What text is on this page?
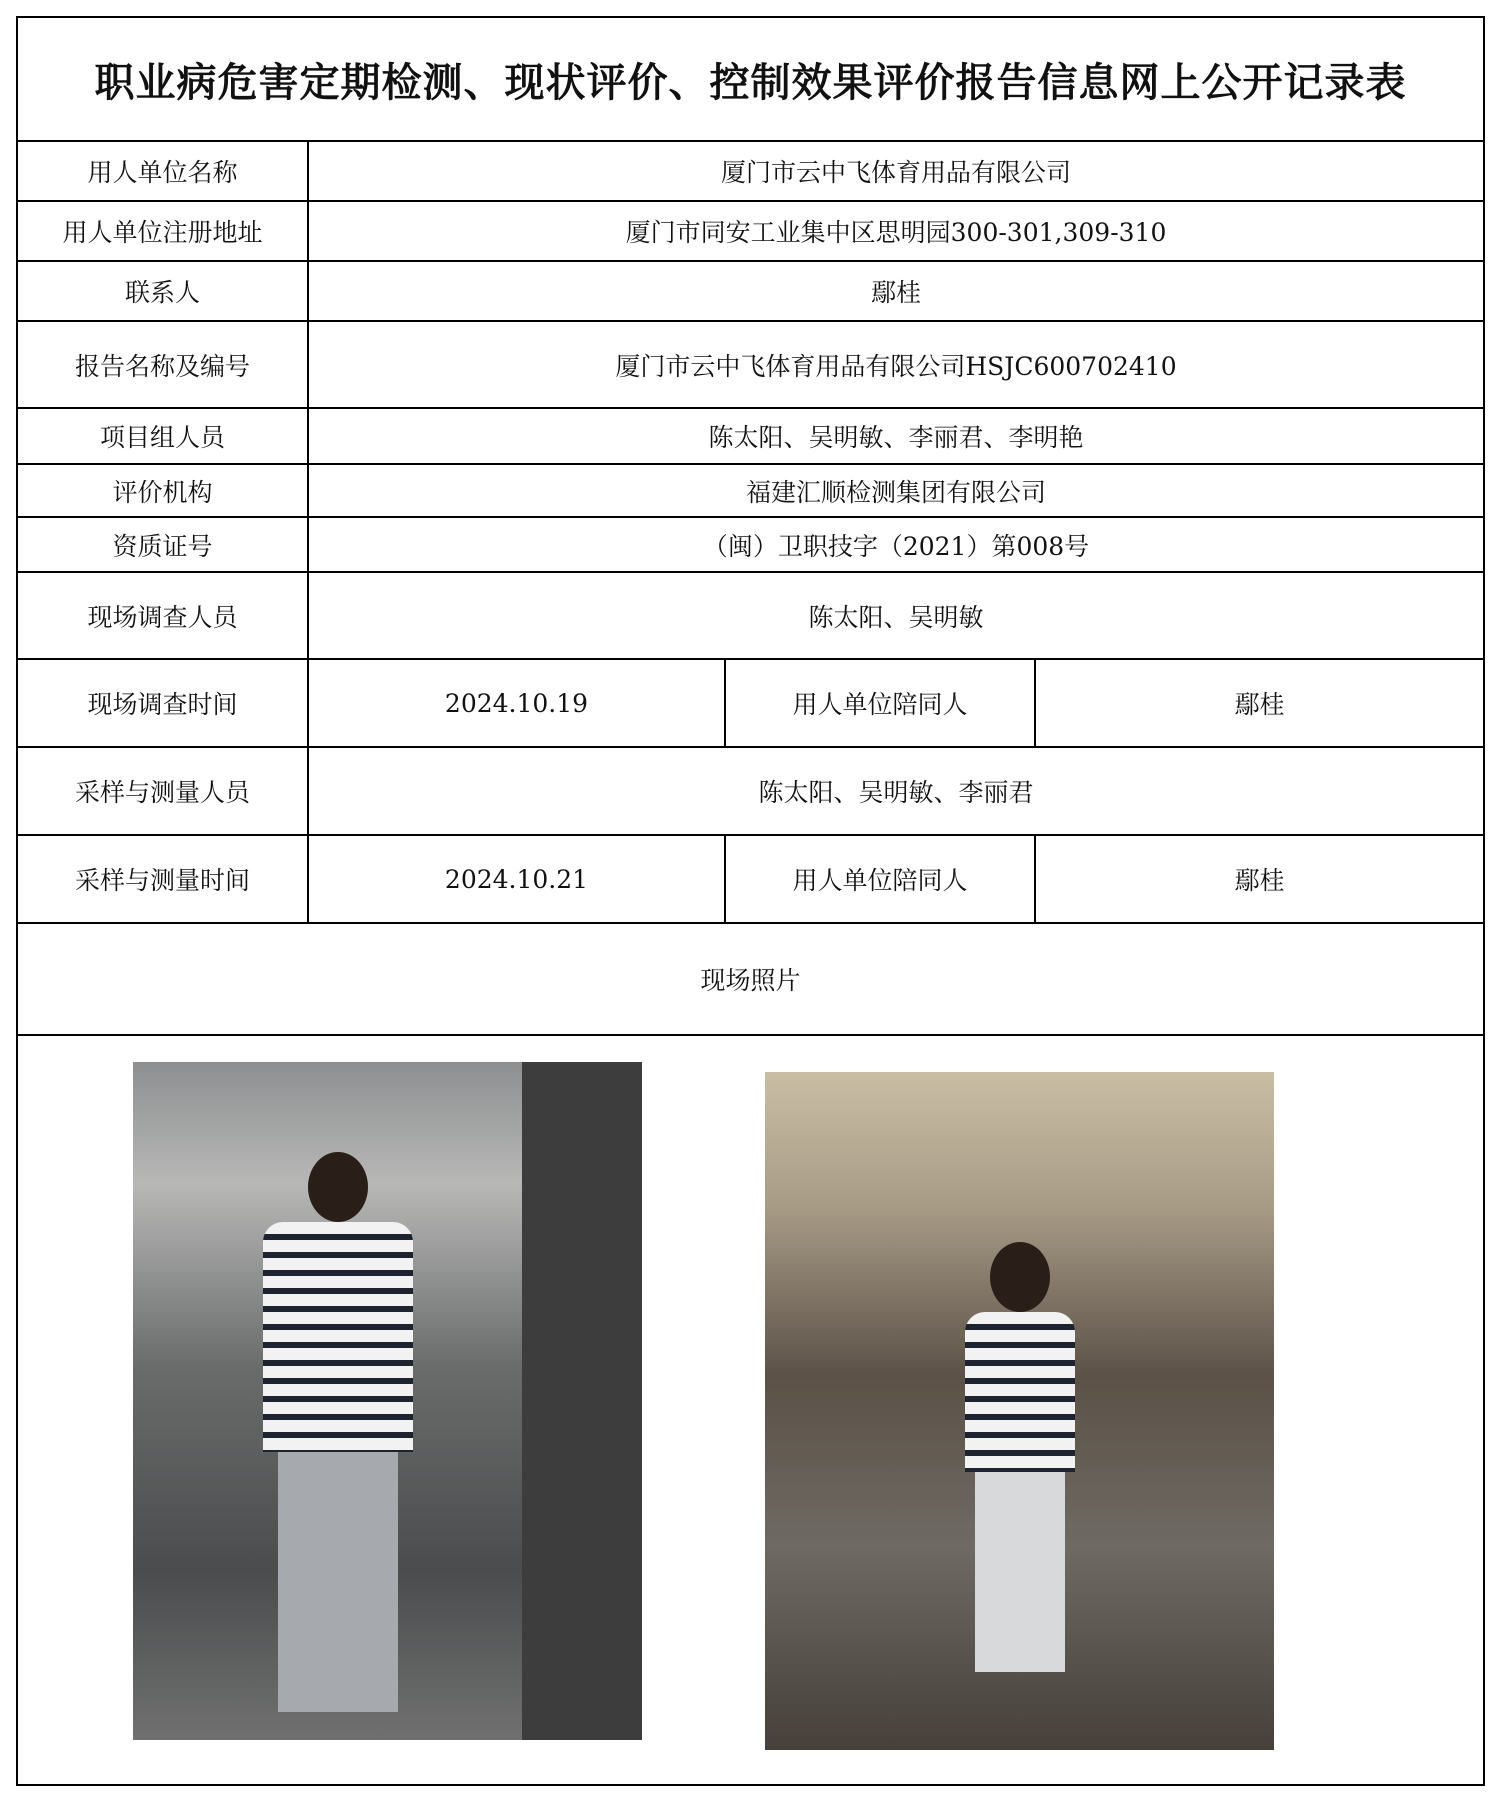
职业病危害定期检测、现状评价、控制效果评价报告信息网上公开记录表			
用人单位名称	厦门市云中飞体育用品有限公司		
用人单位注册地址	厦门市同安工业集中区思明园300-301,309-310		
联系人	鄢桂		
报告名称及编号	厦门市云中飞体育用品有限公司HSJC600702410		
项目组人员	陈太阳、吴明敏、李丽君、李明艳		
评价机构	福建汇顺检测集团有限公司		
资质证号	（闽）卫职技字（2021）第008号		
现场调查人员	陈太阳、吴明敏		
现场调查时间	2024.10.19	用人单位陪同人	鄢桂
采样与测量人员	陈太阳、吴明敏、李丽君		
采样与测量时间	2024.10.21	用人单位陪同人	鄢桂
现场照片			
